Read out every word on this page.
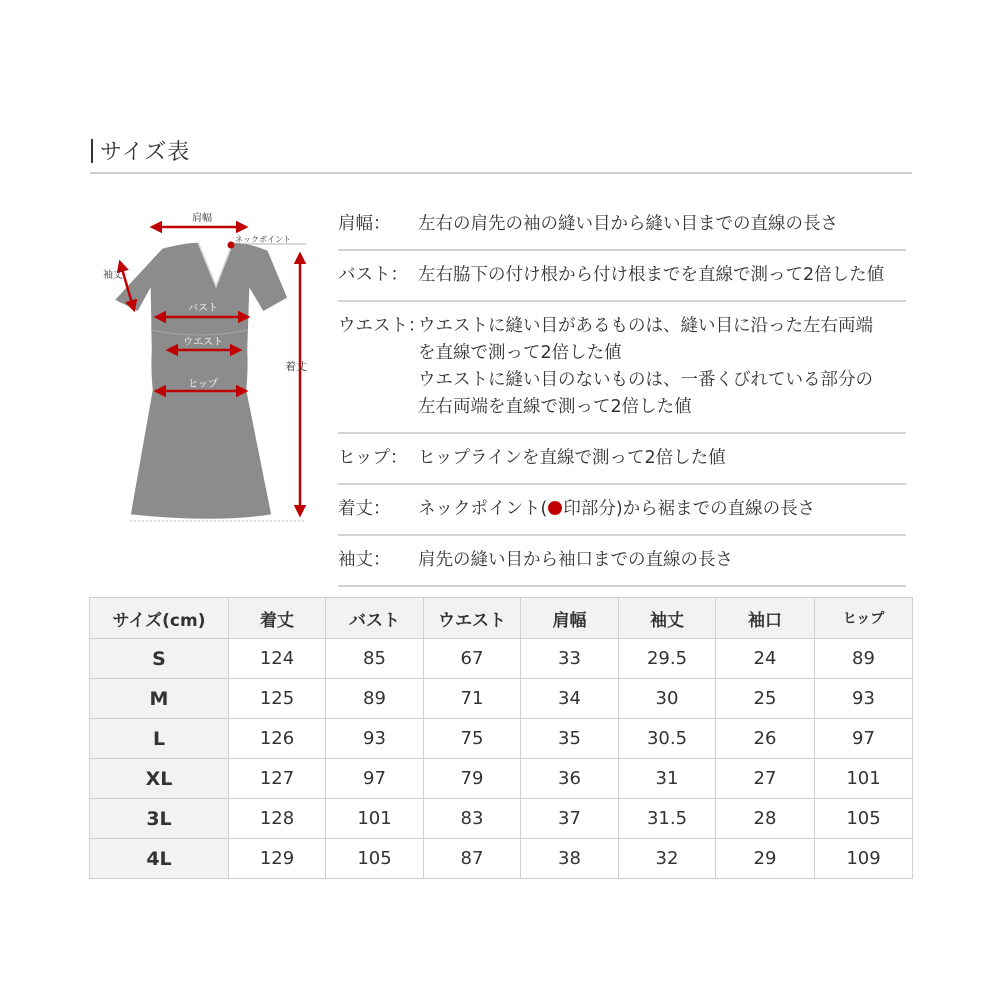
サイズ表
肩幅
ネックポイント
袖丈
バスト
ウエスト
ヒップ
着丈
肩幅：	左右の肩先の袖の縫い目から縫い目までの直線の長さ
バスト： 左右脇下の付け根から付け根までを直線で測って2倍した値
ウエスト：
ウエストに縫い目があるものは、縫い目に沿った左右両端
を直線で測って2倍した値
ウエストに縫い目のないものは、一番くびれている部分の
左右両端を直線で測って2倍した値
ヒップ： ヒップラインを直線で測って2倍した値
着丈：	ネックポイント( 印部分)から裾までの直線の長さ
袖丈：	肩先の縫い目から袖口までの直線の長さ
サイズ(cm)	着丈	バスト	ウエスト	肩幅	袖丈	袖口	ヒップ
S	124	85	67	33	29.5	24	89
M	125	89	71	34	30	25	93
L	126	93	75	35	30.5	26	97
XL	127	97	79	36	31	27	101
3L	128	101	83	37	31.5	28	105
4L	129	105	87	38	32	29	109
